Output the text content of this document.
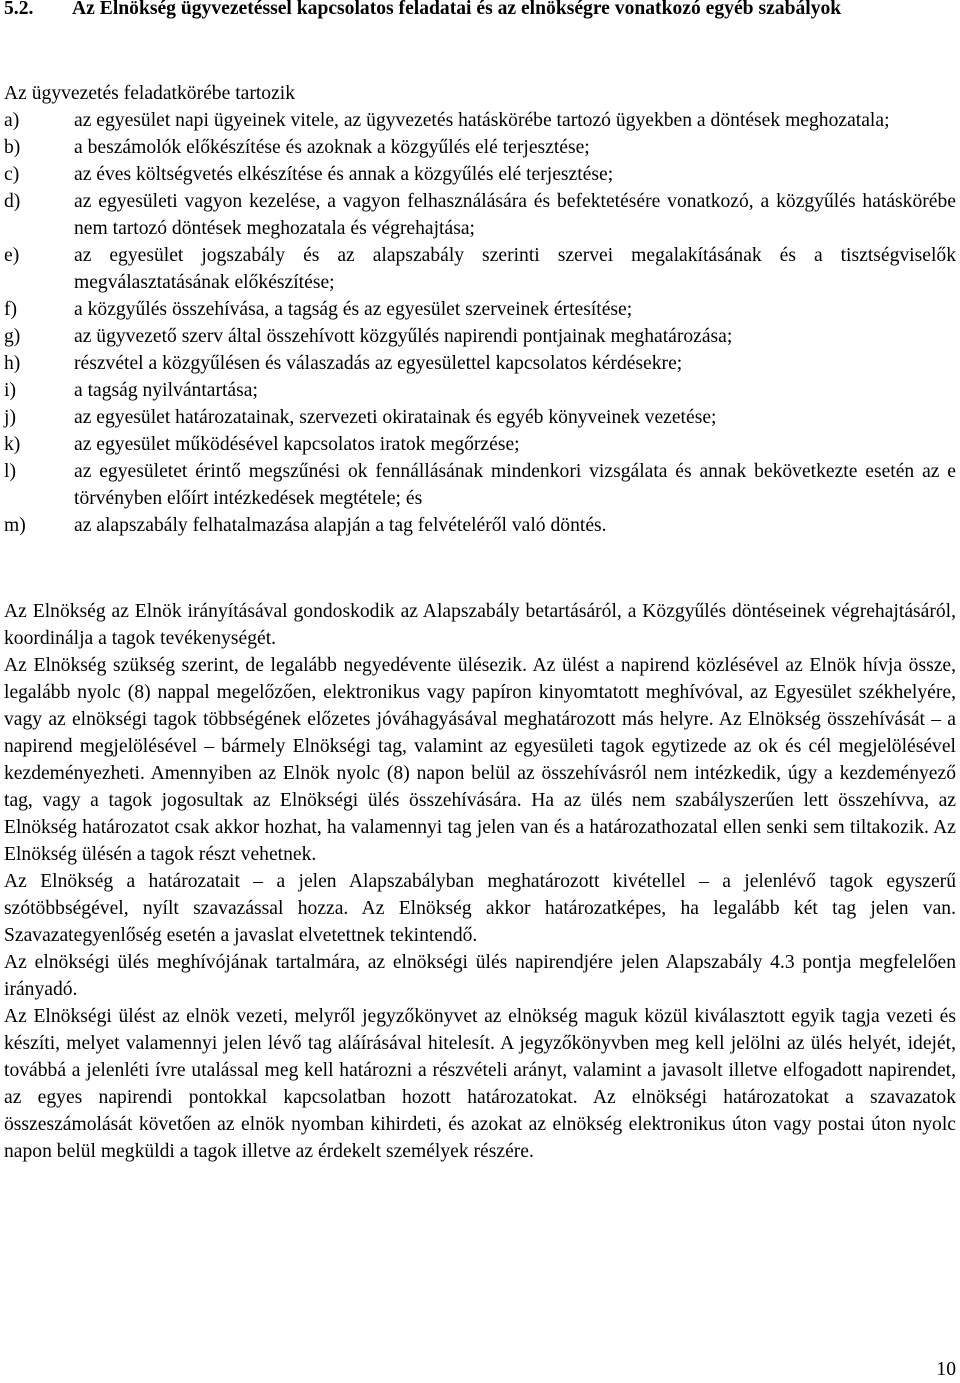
5.2.	Az Elnökség ügyvezetéssel kapcsolatos feladatai és az elnökségre vonatkozó egyéb szabályok
Az ügyvezetés feladatkörébe tartozik
a)	az egyesület napi ügyeinek vitele, az ügyvezetés hatáskörébe tartozó ügyekben a döntések meghozatala;
b)	a beszámolók előkészítése és azoknak a közgyűlés elé terjesztése;
c)	az éves költségvetés elkészítése és annak a közgyűlés elé terjesztése;
d)	az egyesületi vagyon kezelése, a vagyon felhasználására és befektetésére vonatkozó, a közgyűlés hatáskörébe nem tartozó döntések meghozatala és végrehajtása;
e)	az egyesület jogszabály és az alapszabály szerinti szervei megalakításának és a tisztségviselők megválasztatásának előkészítése;
f)	a közgyűlés összehívása, a tagság és az egyesület szerveinek értesítése;
g)	az ügyvezető szerv által összehívott közgyűlés napirendi pontjainak meghatározása;
h)	részvétel a közgyűlésen és válaszadás az egyesülettel kapcsolatos kérdésekre;
i)	a tagság nyilvántartása;
j)	az egyesület határozatainak, szervezeti okiratainak és egyéb könyveinek vezetése;
k)	az egyesület működésével kapcsolatos iratok megőrzése;
l)	az egyesületet érintő megszűnési ok fennállásának mindenkori vizsgálata és annak bekövetkezte esetén az e törvényben előírt intézkedések megtétele; és
m)	az alapszabály felhatalmazása alapján a tag felvételéről való döntés.

Az Elnökség az Elnök irányításával gondoskodik az Alapszabály betartásáról, a Közgyűlés döntéseinek végrehajtásáról, koordinálja a tagok tevékenységét.

Az Elnökség szükség szerint, de legalább negyedévente ülésezik. Az ülést a napirend közlésével az Elnök hívja össze, legalább nyolc (8) nappal megelőzően, elektronikus vagy papíron kinyomtatott meghívóval, az Egyesület székhelyére, vagy az elnökségi tagok többségének előzetes jóváhagyásával meghatározott más helyre. Az Elnökség összehívását – a napirend megjelölésével – bármely Elnökségi tag, valamint az egyesületi tagok egytizede az ok és cél megjelölésével kezdeményezheti. Amennyiben az Elnök nyolc (8) napon belül az összehívásról nem intézkedik, úgy a kezdeményező tag, vagy a tagok jogosultak az Elnökségi ülés összehívására. Ha az ülés nem szabályszerűen lett összehívva, az Elnökség határozatot csak akkor hozhat, ha valamennyi tag jelen van és a határozathozatal ellen senki sem tiltakozik. Az Elnökség ülésén a tagok részt vehetnek.

Az Elnökség a határozatait – a jelen Alapszabályban meghatározott kivétellel – a jelenlévő tagok egyszerű szótöbbségével, nyílt szavazással hozza. Az Elnökség akkor határozatképes, ha legalább két tag jelen van. Szavazategyenlőség esetén a javaslat elvetettnek tekintendő.

Az elnökségi ülés meghívójának tartalmára, az elnökségi ülés napirendjére jelen Alapszabály 4.3 pontja megfelelően irányadó.

Az Elnökségi ülést az elnök vezeti, melyről jegyzőkönyvet az elnökség maguk közül kiválasztott egyik tagja vezeti és készíti, melyet valamennyi jelen lévő tag aláírásával hitelesít. A jegyzőkönyvben meg kell jelölni az ülés helyét, idejét, továbbá a jelenléti ívre utalással meg kell határozni a részvételi arányt, valamint a javasolt illetve elfogadott napirendet, az egyes napirendi pontokkal kapcsolatban hozott határozatokat. Az elnökségi határozatokat a szavazatok összeszámolását követően az elnök nyomban kihirdeti, és azokat az elnökség elektronikus úton vagy postai úton nyolc napon belül megküldi a tagok illetve az érdekelt személyek részére.

10
